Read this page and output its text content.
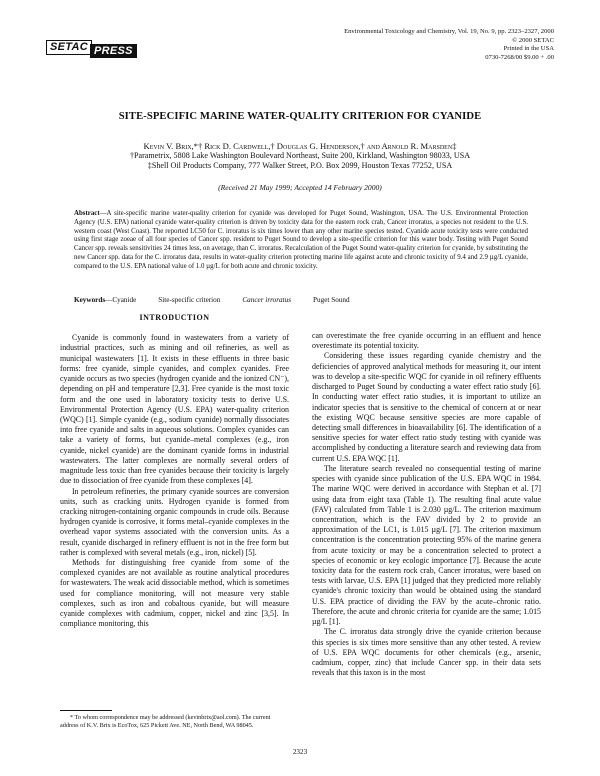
SETAC PRESS
Environmental Toxicology and Chemistry, Vol. 19, No. 9, pp. 2323–2327, 2000
© 2000 SETAC
Printed in the USA
0730-7268/00 $9.00 + .00
SITE-SPECIFIC MARINE WATER-QUALITY CRITERION FOR CYANIDE
Kevin V. Brix,*† Rick D. Cardwell,† Douglas G. Henderson,† and Arnold R. Marsden‡
†Parametrix, 5808 Lake Washington Boulevard Northeast, Suite 200, Kirkland, Washington 98033, USA
‡Shell Oil Products Company, 777 Walker Street, P.O. Box 2099, Houston Texas 77252, USA
(Received 21 May 1999; Accepted 14 February 2000)
Abstract—A site-specific marine water-quality criterion for cyanide was developed for Puget Sound, Washington, USA. The U.S. Environmental Protection Agency (U.S. EPA) national cyanide water-quality criterion is driven by toxicity data for the eastern rock crab, Cancer irroratus, a species not resident to the U.S. western coast (West Coast). The reported LC50 for C. irroratus is six times lower than any other marine species tested. Cyanide acute toxicity tests were conducted using first stage zoeae of all four species of Cancer spp. resident to Puget Sound to develop a site-specific criterion for this water body. Testing with Puget Sound Cancer spp. reveals sensitivities 24 times less, on average, than C. irroratus. Recalculation of the Puget Sound water-quality criterion for cyanide, by substituting the new Cancer spp. data for the C. irroratus data, results in water-quality criterion protecting marine life against acute and chronic toxicity of 9.4 and 2.9 µg/L cyanide, compared to the U.S. EPA national value of 1.0 µg/L for both acute and chronic toxicity.
Keywords—Cyanide	Site-specific criterion	Cancer irroratus	Puget Sound
INTRODUCTION

Cyanide is commonly found in wastewaters from a variety of industrial practices, such as mining and oil refineries, as well as municipal wastewaters [1]. It exists in these effluents in three basic forms: free cyanide, simple cyanides, and complex cyanides. Free cyanide occurs as two species (hydrogen cyanide and the ionized CN⁻), depending on pH and temperature [2,3]. Free cyanide is the most toxic form and the one used in laboratory toxicity tests to derive U.S. Environmental Protection Agency (U.S. EPA) water-quality criterion (WQC) [1]. Simple cyanide (e.g., sodium cyanide) normally dissociates into free cyanide and salts in aqueous solutions. Complex cyanides can take a variety of forms, but cyanide–metal complexes (e.g., iron cyanide, nickel cyanide) are the dominant cyanide forms in industrial wastewaters. The latter complexes are normally several orders of magnitude less toxic than free cyanides because their toxicity is largely due to dissociation of free cyanide from these complexes [4].

In petroleum refineries, the primary cyanide sources are conversion units, such as cracking units. Hydrogen cyanide is formed from cracking nitrogen-containing organic compounds in crude oils. Because hydrogen cyanide is corrosive, it forms metal–cyanide complexes in the overhead vapor systems associated with the conversion units. As a result, cyanide discharged in refinery effluent is not in the free form but rather is complexed with several metals (e.g., iron, nickel) [5].

Methods for distinguishing free cyanide from some of the complexed cyanides are not available as routine analytical procedures for wastewaters. The weak acid dissociable method, which is sometimes used for compliance monitoring, will not measure very stable complexes, such as iron and cobaltous cyanide, but will measure cyanide complexes with cadmium, copper, nickel and zinc [3,5]. In compliance monitoring, this

* To whom correspondence may be addressed (kevinbrix@aol.com). The current address of K.V. Brix is EcoTox, 625 Pickett Ave. NE, North Bend, WA 98045.

can overestimate the free cyanide occurring in an effluent and hence overestimate its potential toxicity.

Considering these issues regarding cyanide chemistry and the deficiencies of approved analytical methods for measuring it, our intent was to develop a site-specific WQC for cyanide in oil refinery effluents discharged to Puget Sound by conducting a water effect ratio study [6]. In conducting water effect ratio studies, it is important to utilize an indicator species that is sensitive to the chemical of concern at or near the existing WQC because sensitive species are more capable of detecting small differences in bioavailability [6]. The identification of a sensitive species for water effect ratio study testing with cyanide was accomplished by conducting a literature search and reviewing data from current U.S. EPA WQC [1].

The literature search revealed no consequential testing of marine species with cyanide since publication of the U.S. EPA WQC in 1984. The marine WQC were derived in accordance with Stephan et al. [7] using data from eight taxa (Table 1). The resulting final acute value (FAV) calculated from Table 1 is 2.030 µg/L. The criterion maximum concentration, which is the FAV divided by 2 to provide an approximation of the LC1, is 1.015 µg/L [7]. The criterion maximum concentration is the concentration protecting 95% of the marine genera from acute toxicity or may be a concentration selected to protect a species of economic or key ecologic importance [7]. Because the acute toxicity data for the eastern rock crab, Cancer irroratus, were based on tests with larvae, U.S. EPA [1] judged that they predicted more reliably cyanide's chronic toxicity than would be obtained using the standard U.S. EPA practice of dividing the FAV by the acute–chronic ratio. Therefore, the acute and chronic criteria for cyanide are the same; 1.015 µg/L [1].

The C. irroratus data strongly drive the cyanide criterion because this species is six times more sensitive than any other tested. A review of U.S. EPA WQC documents for other chemicals (e.g., arsenic, cadmium, copper, zinc) that include Cancer spp. in their data sets reveals that this taxon is in the most

2323
